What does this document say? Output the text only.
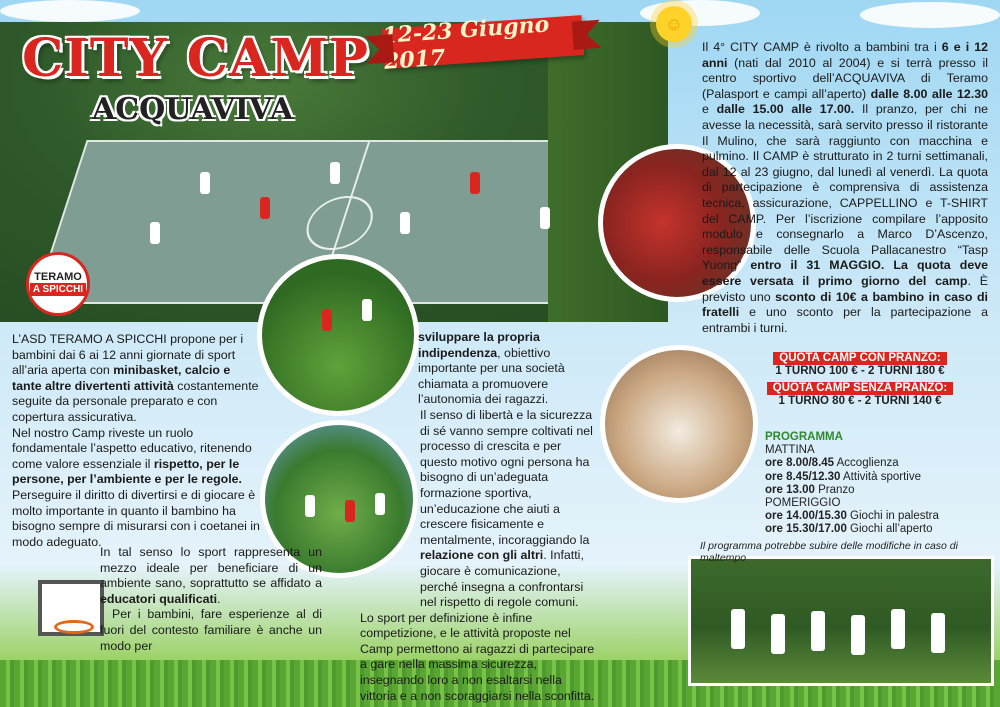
CITY CAMP
ACQUAVIVA
12-23 Giugno 2017
☺
TERAMO
A SPICCHI

L’ASD TERAMO A SPICCHI propone per i bambini dai 6 ai 12 anni giornate di sport all’aria aperta con minibasket, calcio e tante altre divertenti attività costantemente seguite da personale preparato e con copertura assicurativa.

Nel nostro Camp riveste un ruolo fondamentale l’aspetto educativo, ritenendo come valore essenziale il rispetto, per le persone, per l’ambiente e per le regole. Perseguire il diritto di divertirsi e di giocare è molto importante in quanto il bambino ha bisogno sempre di misurarsi con i coetanei in modo adeguato.

In tal senso lo sport rappresenta un mezzo ideale per beneficiare di un ambiente sano, soprattutto se affidato a educatori qualificati.

Per i bambini, fare esperienze al di fuori del contesto familiare è anche un modo per

sviluppare la propria indipendenza, obiettivo importante per una società chiamata a promuovere l’autonomia dei ragazzi.

Il senso di libertà e la sicurezza di sé vanno sempre coltivati nel processo di crescita e per questo motivo ogni persona ha bisogno di un’adeguata formazione sportiva, un’educazione che aiuti a crescere fisicamente e mentalmente, incoraggiando la relazione con gli altri. Infatti, giocare è comunicazione, perché insegna a confrontarsi nel rispetto di regole comuni.

Lo sport per definizione è infine competizione, e le attività proposte nel Camp permettono ai ragazzi di partecipare a gare nella massima sicurezza, insegnando loro a non esaltarsi nella vittoria e a non scoraggiarsi nella sconfitta.

Il 4° CITY CAMP è rivolto a bambini tra i 6 e i 12 anni (nati dal 2010 al 2004) e si terrà presso il centro sportivo dell’ACQUAVIVA di Teramo (Palasport e campi all’aperto) dalle 8.00 alle 12.30 e dalle 15.00 alle 17.00. Il pranzo, per chi ne avesse la necessità, sarà servito presso il ristorante Il Mulino, che sarà raggiunto con macchina e pulmino. Il CAMP è strutturato in 2 turni settimanali, dal 12 al 23 giugno, dal lunedì al venerdì. La quota di partecipazione è comprensiva di assistenza tecnica, assicurazione, CAPPELLINO e T-SHIRT del CAMP. Per l’iscrizione compilare l’apposito modulo e consegnarlo a Marco D’Ascenzo, responsabile delle Scuola Pallacanestro “Tasp Yuong” entro il 31 MAGGIO. La quota deve essere versata il primo giorno del camp. È previsto uno sconto di 10€ a bambino in caso di fratelli e uno sconto per la partecipazione a entrambi i turni.

QUOTA CAMP CON PRANZO:
1 TURNO 100 € - 2 TURNI 180 €
QUOTA CAMP SENZA PRANZO:
1 TURNO 80 € - 2 TURNI 140 €
PROGRAMMA
MATTINA
ore 8.00/8.45 Accoglienza
ore 8.45/12.30 Attività sportive
ore 13.00 Pranzo
POMERIGGIO
ore 14.00/15.30 Giochi in palestra
ore 15.30/17.00 Giochi all’aperto
Il programma potrebbe subire delle modifiche in caso di maltempo
